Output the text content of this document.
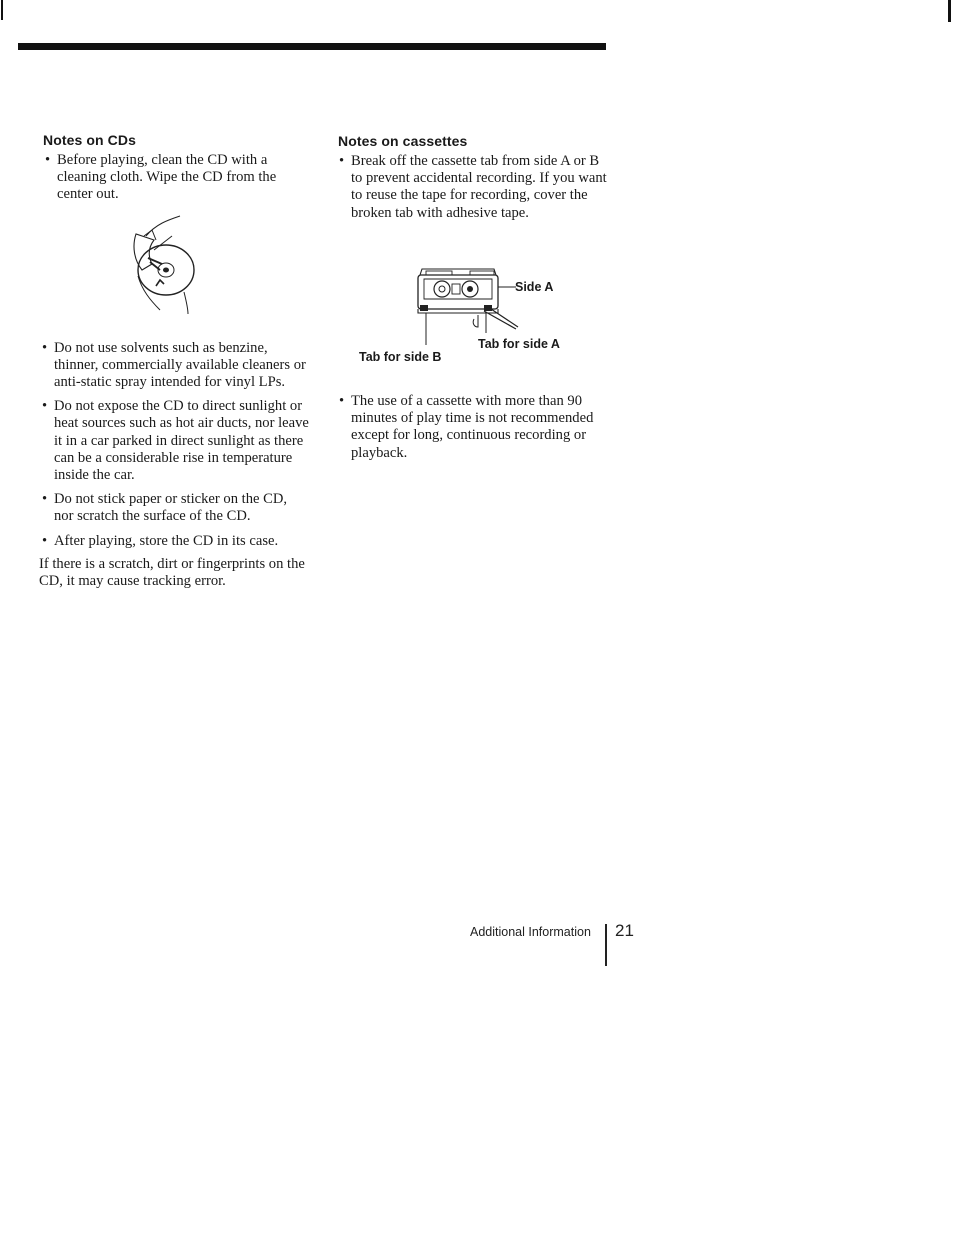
Notes on CDs
• Before playing, clean the CD with a cleaning cloth. Wipe the CD from the center out.
• Do not use solvents such as benzine, thinner, commercially available cleaners or anti-static spray intended for vinyl LPs.
• Do not expose the CD to direct sunlight or heat sources such as hot air ducts, nor leave it in a car parked in direct sunlight as there can be a considerable rise in temperature inside the car.
• Do not stick paper or sticker on the CD, nor scratch the surface of the CD.
• After playing, store the CD in its case.

If there is a scratch, dirt or fingerprints on the CD, it may cause tracking error.

Notes on cassettes
• Break off the cassette tab from side A or B to prevent accidental recording. If you want to reuse the tape for recording, cover the broken tab with adhesive tape.
Side A
Tab for side A
Tab for side B
• The use of a cassette with more than 90 minutes of play time is not recommended except for long, continuous recording or playback.
Additional Information 21
